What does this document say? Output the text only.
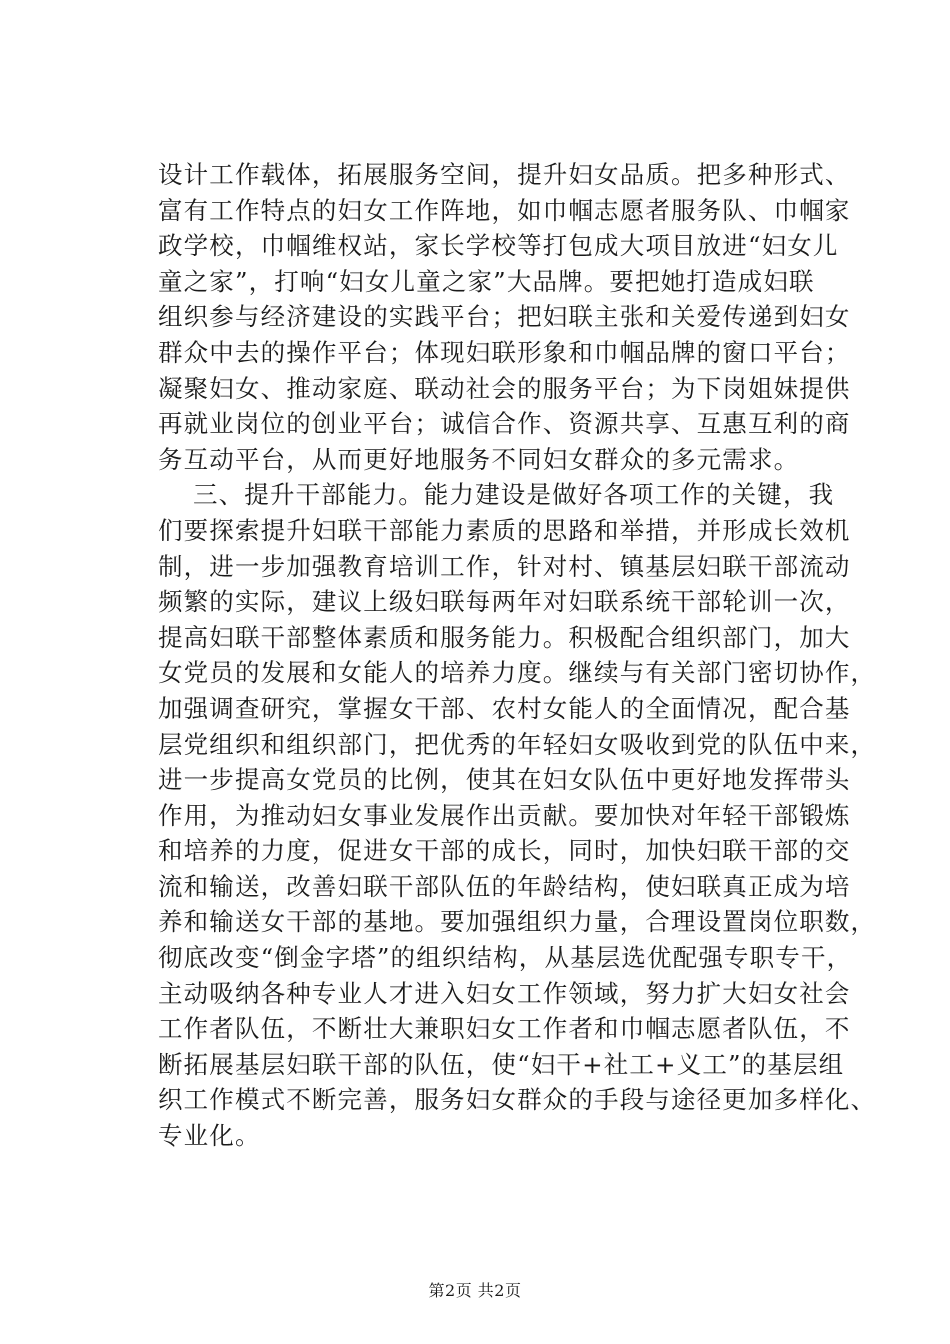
设计工作载体，拓展服务空间，提升妇女品质。把多种形式、
富有工作特点的妇女工作阵地，如巾帼志愿者服务队、巾帼家
政学校，巾帼维权站，家长学校等打包成大项目放进“妇女儿
童之家”，打响“妇女儿童之家”大品牌。要把她打造成妇联
组织参与经济建设的实践平台；把妇联主张和关爱传递到妇女
群众中去的操作平台；体现妇联形象和巾帼品牌的窗口平台；
凝聚妇女、推动家庭、联动社会的服务平台；为下岗姐妹提供
再就业岗位的创业平台；诚信合作、资源共享、互惠互利的商
务互动平台，从而更好地服务不同妇女群众的多元需求。
三、提升干部能力。能力建设是做好各项工作的关键，我
们要探索提升妇联干部能力素质的思路和举措，并形成长效机
制，进一步加强教育培训工作，针对村、镇基层妇联干部流动
频繁的实际，建议上级妇联每两年对妇联系统干部轮训一次，
提高妇联干部整体素质和服务能力。积极配合组织部门，加大
女党员的发展和女能人的培养力度。继续与有关部门密切协作，
加强调查研究，掌握女干部、农村女能人的全面情况，配合基
层党组织和组织部门，把优秀的年轻妇女吸收到党的队伍中来，
进一步提高女党员的比例，使其在妇女队伍中更好地发挥带头
作用，为推动妇女事业发展作出贡献。要加快对年轻干部锻炼
和培养的力度，促进女干部的成长，同时，加快妇联干部的交
流和输送，改善妇联干部队伍的年龄结构，使妇联真正成为培
养和输送女干部的基地。要加强组织力量，合理设置岗位职数，
彻底改变“倒金字塔”的组织结构，从基层选优配强专职专干，
主动吸纳各种专业人才进入妇女工作领域，努力扩大妇女社会
工作者队伍，不断壮大兼职妇女工作者和巾帼志愿者队伍，不
断拓展基层妇联干部的队伍，使“妇干+社工+义工”的基层组
织工作模式不断完善，服务妇女群众的手段与途径更加多样化、
专业化。
第2页 共2页
